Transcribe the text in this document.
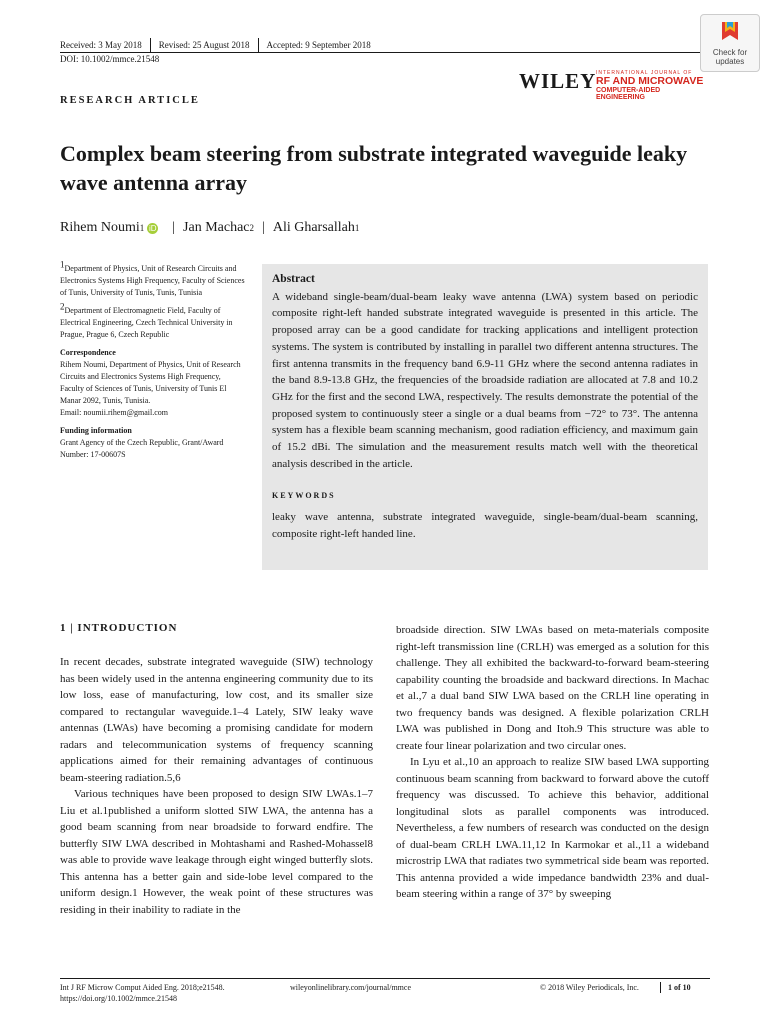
Received: 3 May 2018	Revised: 25 August 2018	Accepted: 9 September 2018
DOI: 10.1002/mmce.21548
Check for
updates
WILEY INTERNATIONAL JOURNAL OF
RF AND MICROWAVE
COMPUTER-AIDED ENGINEERING
RESEARCH ARTICLE
Complex beam steering from substrate integrated waveguide leaky wave antenna array
Rihem Noumi 1 iD | Jan Machac 2 | Ali Gharsallah 1

1Department of Physics, Unit of Research Circuits and Electronics Systems High Frequency, Faculty of Sciences of Tunis, University of Tunis, Tunis, Tunisia

2Department of Electromagnetic Field, Faculty of Electrical Engineering, Czech Technical University in Prague, Prague 6, Czech Republic

Correspondence

Rihem Noumi, Department of Physics, Unit of Research Circuits and Electronics Systems High Frequency, Faculty of Sciences of Tunis, University of Tunis El Manar 2092, Tunis, Tunisia.

Email: noumii.rihem@gmail.com

Funding information

Grant Agency of the Czech Republic, Grant/Award Number: 17-00607S

Abstract
A wideband single-beam/dual-beam leaky wave antenna (LWA) system based on periodic composite right-left handed substrate integrated waveguide is presented in this article. The proposed array can be a good candidate for tracking applications and intelligent protection systems. The system is contributed by installing in parallel two different antenna structures. The first antenna transmits in the frequency band 6.9-11 GHz where the second antenna radiates in the band 8.9-13.8 GHz, the frequencies of the broadside radiation are allocated at 7.8 and 10.2 GHz for the first and the second LWA, respectively. The results demonstrate the potential of the proposed system to continuously steer a single or a dual beams from −72° to 73°. The antenna system has a flexible beam scanning mechanism, good radiation efficiency, and maximum gain of 15.2 dBi. The simulation and the measurement results match well with the theoretical analysis described in the article.
KEYWORDS
leaky wave antenna, substrate integrated waveguide, single-beam/dual-beam scanning, composite right-left handed line.
1 | INTRODUCTION

In recent decades, substrate integrated waveguide (SIW) technology has been widely used in the antenna engineering community due to its low loss, ease of manufacturing, low cost, and its smaller size compared to rectangular waveguide.1–4 Lately, SIW leaky wave antennas (LWAs) have becoming a promising candidate for modern radars and telecommunication systems of frequency scanning applications aimed for their remaining advantages of continuous beam-steering radiation.5,6

Various techniques have been proposed to design SIW LWAs.1–7 Liu et al.1published a uniform slotted SIW LWA, the antenna has a good beam scanning from near broadside to forward endfire. The butterfly SIW LWA described in Mohtashami and Rashed-Mohassel8 was able to provide wave leakage through eight winged butterfly slots. This antenna has a better gain and side-lobe level compared to the uniform design.1 However, the weak point of these structures was residing in their inability to radiate in the

broadside direction. SIW LWAs based on meta-materials composite right-left transmission line (CRLH) was emerged as a solution for this challenge. They all exhibited the backward-to-forward beam-steering capability counting the broadside and backward directions. In Machac et al.,7 a dual band SIW LWA based on the CRLH line operating in two frequency bands was designed. A flexible polarization CRLH LWA was published in Dong and Itoh.9 This structure was able to create four linear polarization and two circular ones.

In Lyu et al.,10 an approach to realize SIW based LWA supporting continuous beam scanning from backward to forward above the cutoff frequency was discussed. To achieve this behavior, additional longitudinal slots as parallel components was introduced. Nevertheless, a few numbers of research was conducted on the design of dual-beam CRLH LWA.11,12 In Karmokar et al.,11 a wideband microstrip LWA that radiates two symmetrical side beam was reported. This antenna provided a wide impedance bandwidth 23% and dual-beam steering within a range of 37° by sweeping

Int J RF Microw Comput Aided Eng. 2018;e21548.
https://doi.org/10.1002/mmce.21548
wileyonlinelibrary.com/journal/mmce	© 2018 Wiley Periodicals, Inc.	1 of 10
